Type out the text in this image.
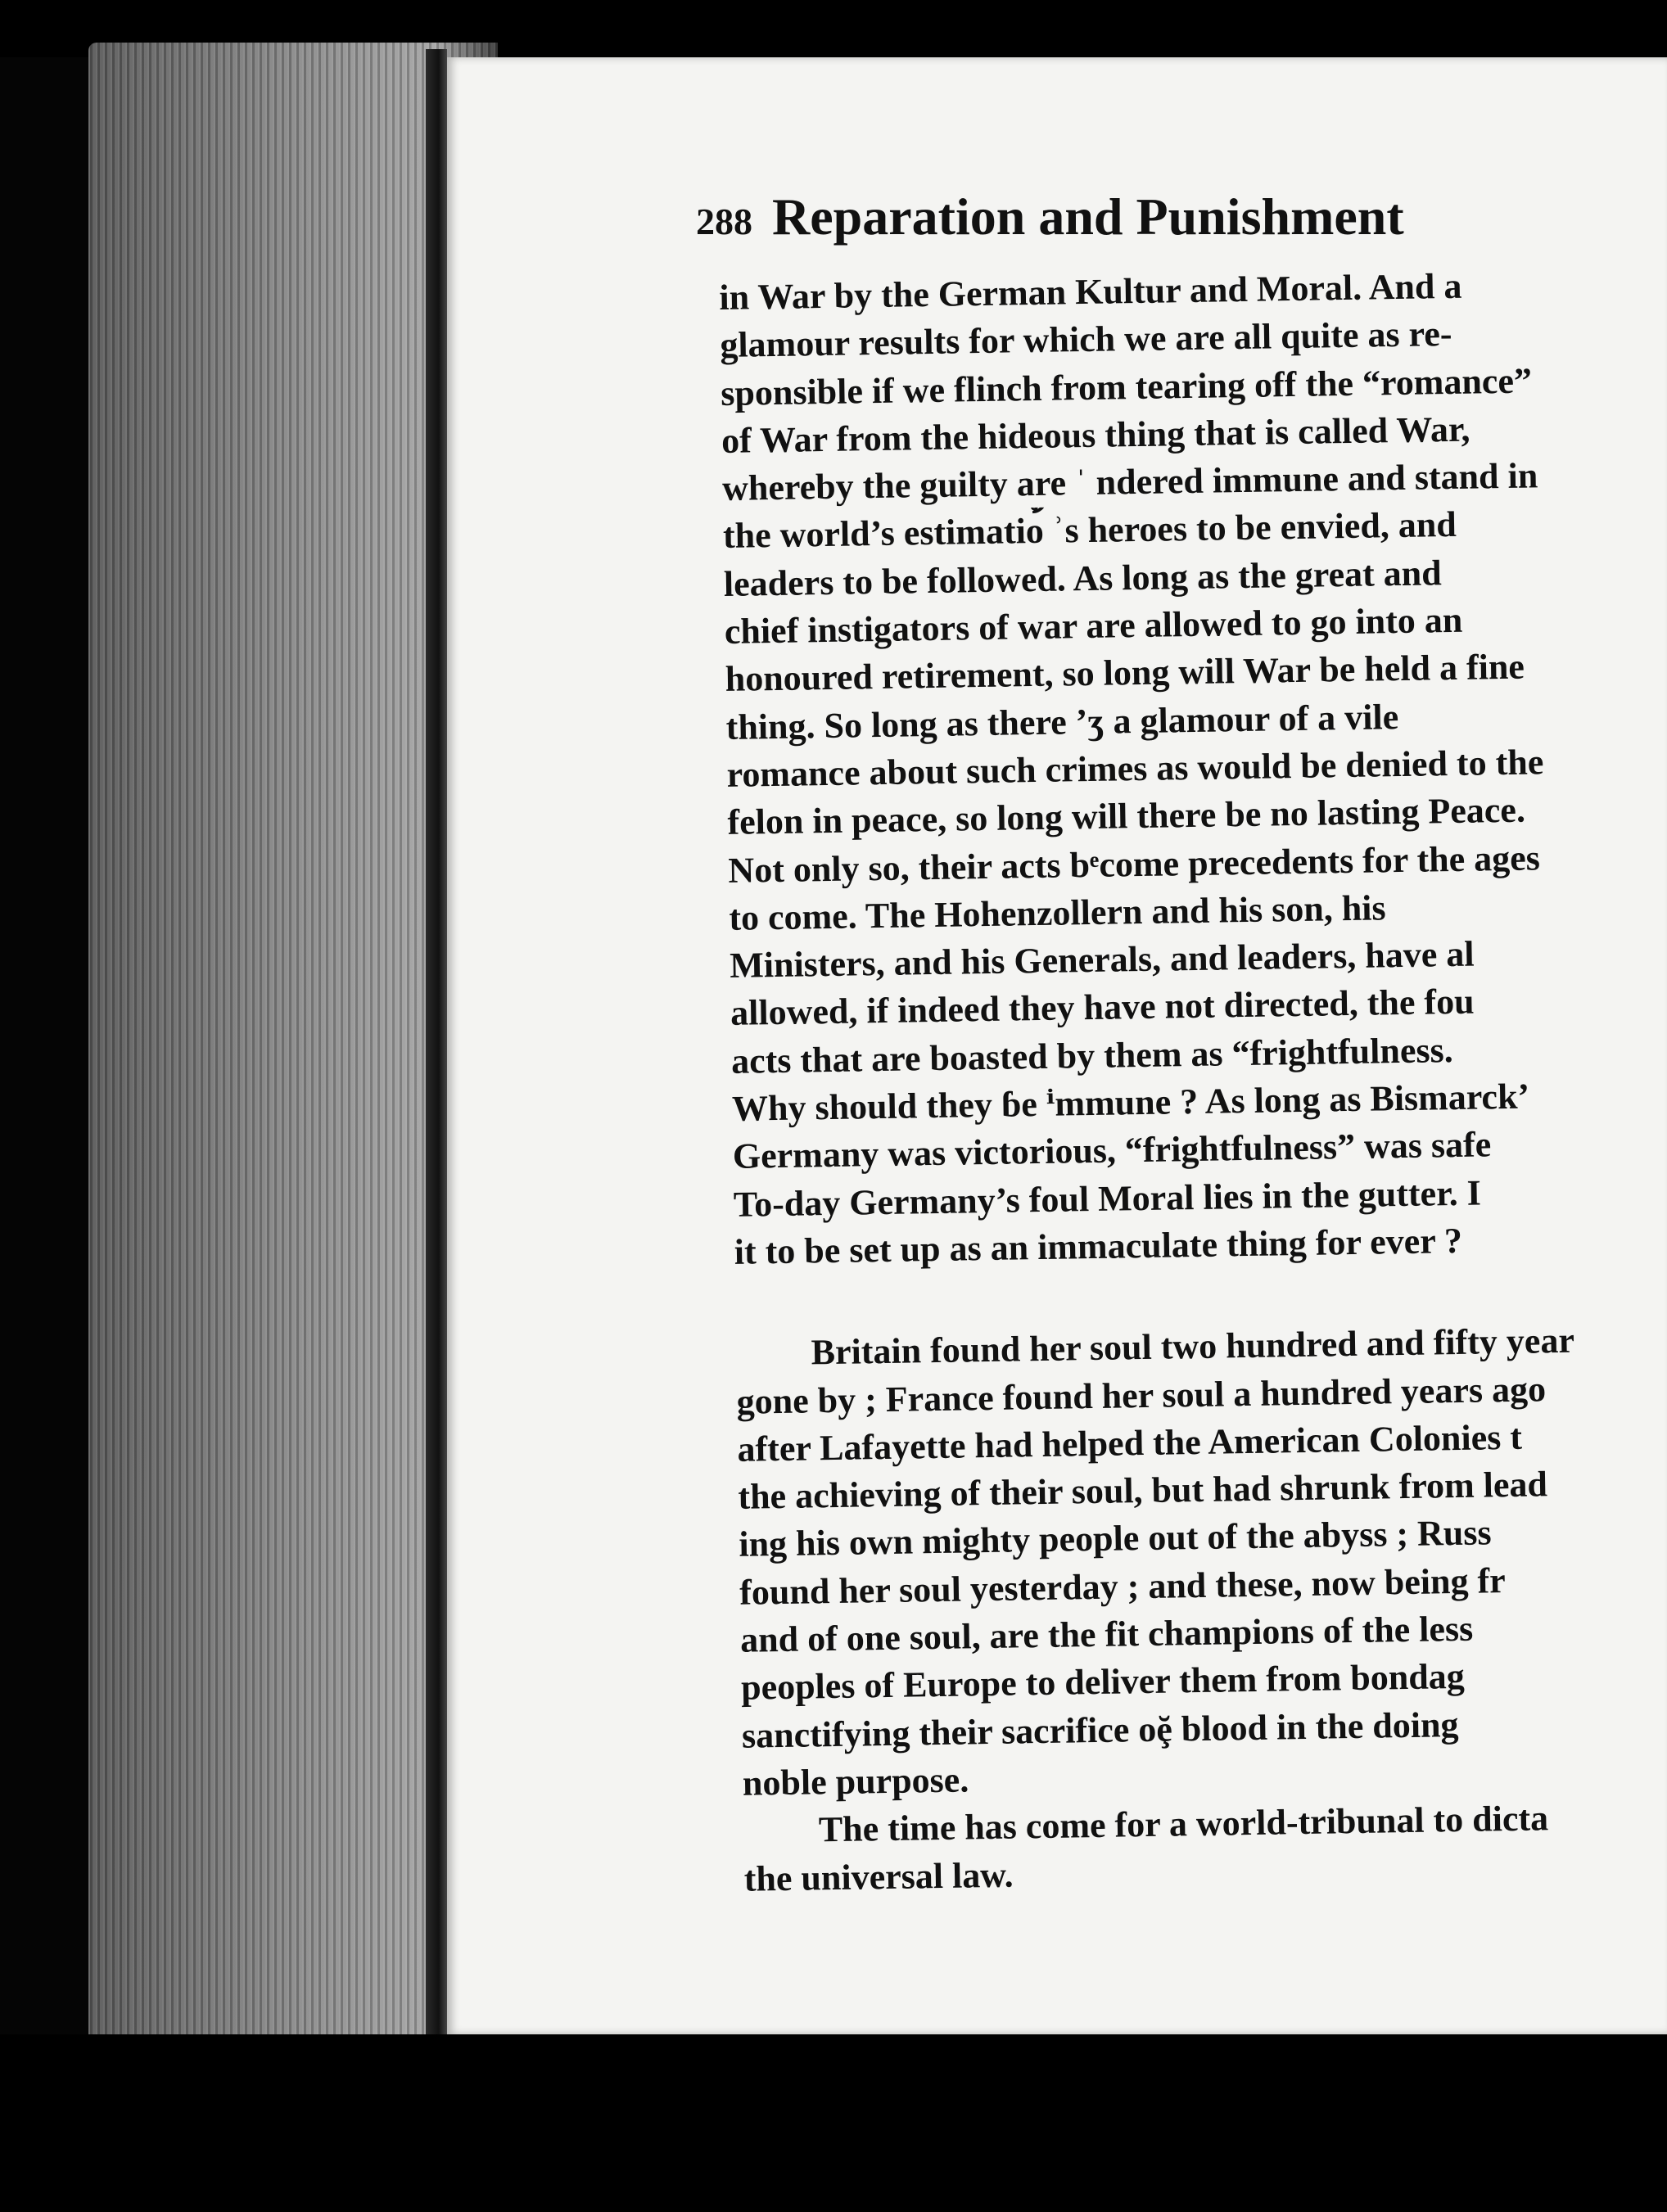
288 Reparation and Punishment
in War by the German Kultur and Moral. And a
glamour results for which we are all quite as re-
sponsible if we flinch from tearing off the “romance”
of War from the hideous thing that is called War,
whereby the guilty are ˈ ndered immune and stand in
the world’s estimatio้ ʾs heroes to be envied, and
leaders to be followed. As long as the great and
chief instigators of war are allowed to go into an
honoured retirement, so long will War be held a fine
thing. So long as there ʼʒ a glamour of a vile
romance about such crimes as would be denied to the
felon in peace, so long will there be no lasting Peace.
Not only so, their acts bᵉcome precedents for the ages
to come. The Hohenzollern and his son, his
Ministers, and his Generals, and leaders, have al
allowed, if indeed they have not directed, the fou
acts that are boasted by them as “frightfulness.
Why should they ɓe ⁱmmune ? As long as Bismarck’
Germany was victorious, “frightfulness” was safe
To-day Germany’s foul Moral lies in the gutter. I
it to be set up as an immaculate thing for ever ?
Britain found her soul two hundred and fifty year
gone by ; France found her soul a hundred years ago
after Lafayette had helped the American Colonies t
the achieving of their soul, but had shrunk from lead
ing his own mighty people out of the abyss ; Russ
found her soul yesterday ; and these, now being fr
and of one soul, are the fit champions of the less
peoples of Europe to deliver them from bondag
sanctifying their sacrifice oḝ blood in the doing
noble purpose.
The time has come for a world-tribunal to dicta
the universal law.
